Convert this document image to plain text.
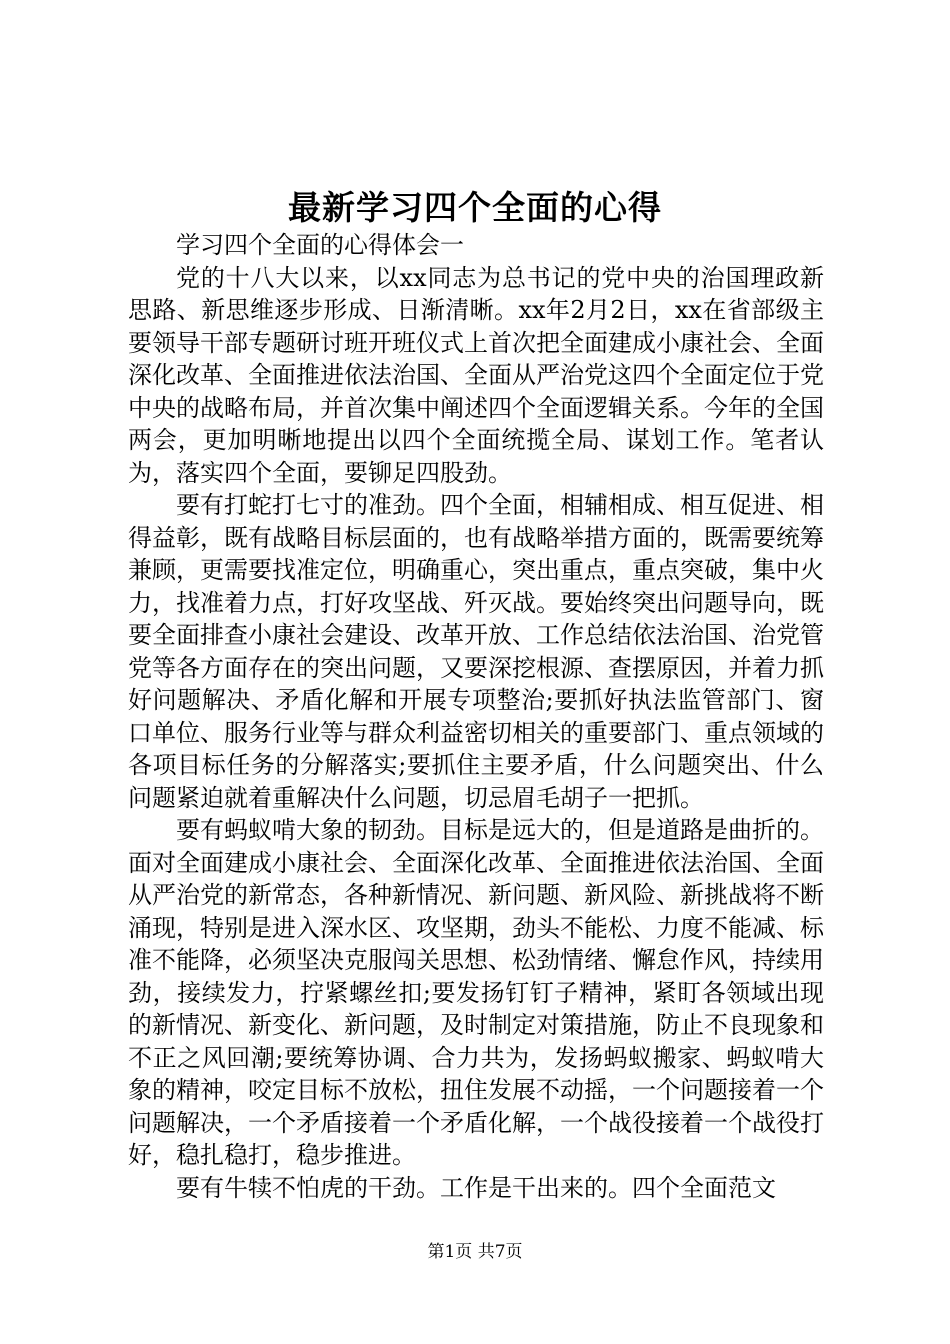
最新学习四个全面的心得

学习四个全面的心得体会一

党的十八大以来，以xx同志为总书记的党中央的治国理政新思路、新思维逐步形成、日渐清晰。xx年2月2日，xx在省部级主要领导干部专题研讨班开班仪式上首次把全面建成小康社会、全面深化改革、全面推进依法治国、全面从严治党这四个全面定位于党中央的战略布局，并首次集中阐述四个全面逻辑关系。今年的全国两会，更加明晰地提出以四个全面统揽全局、谋划工作。笔者认为，落实四个全面，要铆足四股劲。

要有打蛇打七寸的准劲。四个全面，相辅相成、相互促进、相得益彰，既有战略目标层面的，也有战略举措方面的，既需要统筹兼顾，更需要找准定位，明确重心，突出重点，重点突破，集中火力，找准着力点，打好攻坚战、歼灭战。要始终突出问题导向，既要全面排查小康社会建设、改革开放、工作总结依法治国、治党管党等各方面存在的突出问题，又要深挖根源、查摆原因，并着力抓好问题解决、矛盾化解和开展专项整治;要抓好执法监管部门、窗口单位、服务行业等与群众利益密切相关的重要部门、重点领域的各项目标任务的分解落实;要抓住主要矛盾，什么问题突出、什么问题紧迫就着重解决什么问题，切忌眉毛胡子一把抓。

要有蚂蚁啃大象的韧劲。目标是远大的，但是道路是曲折的。面对全面建成小康社会、全面深化改革、全面推进依法治国、全面从严治党的新常态，各种新情况、新问题、新风险、新挑战将不断涌现，特别是进入深水区、攻坚期，劲头不能松、力度不能减、标准不能降，必须坚决克服闯关思想、松劲情绪、懈怠作风，持续用劲，接续发力，拧紧螺丝扣;要发扬钉钉子精神，紧盯各领域出现的新情况、新变化、新问题，及时制定对策措施，防止不良现象和不正之风回潮;要统筹协调、合力共为，发扬蚂蚁搬家、蚂蚁啃大象的精神，咬定目标不放松，扭住发展不动摇，一个问题接着一个问题解决，一个矛盾接着一个矛盾化解，一个战役接着一个战役打好，稳扎稳打，稳步推进。

要有牛犊不怕虎的干劲。工作是干出来的。四个全面范文

第1页 共7页
